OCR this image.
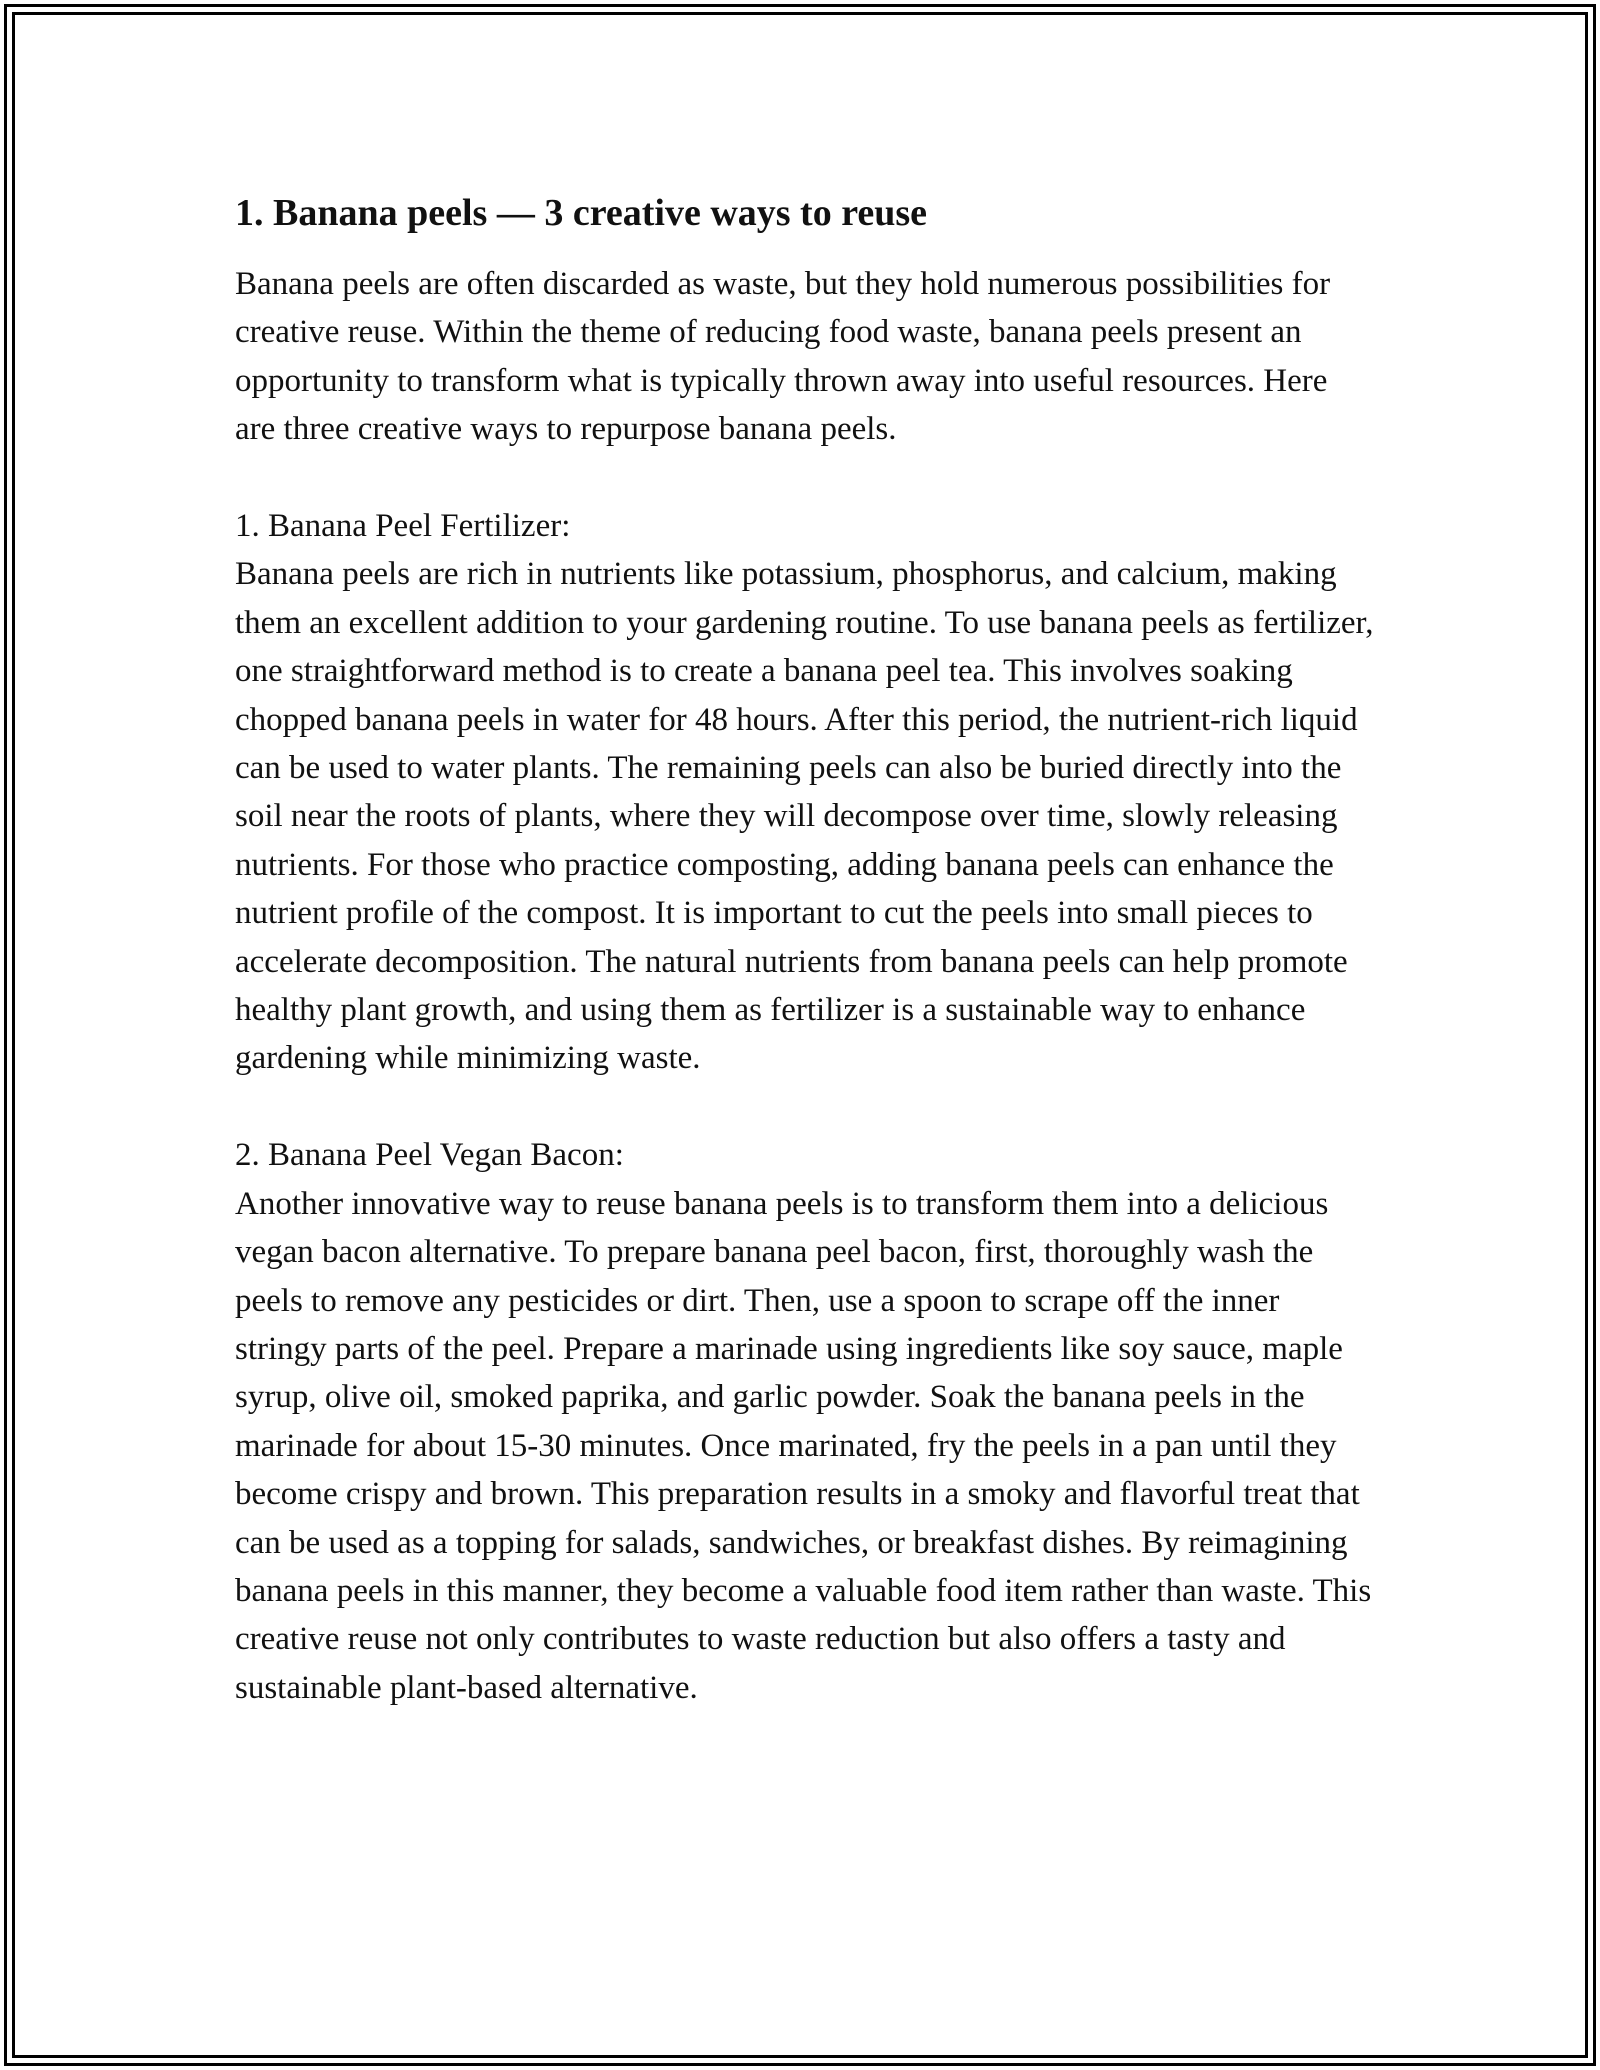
1. Banana peels — 3 creative ways to reuse

Banana peels are often discarded as waste, but they hold numerous possibilities for creative reuse. Within the theme of reducing food waste, banana peels present an opportunity to transform what is typically thrown away into useful resources. Here are three creative ways to repurpose banana peels.

1. Banana Peel Fertilizer:

Banana peels are rich in nutrients like potassium, phosphorus, and calcium, making them an excellent addition to your gardening routine. To use banana peels as fertilizer, one straightforward method is to create a banana peel tea. This involves soaking chopped banana peels in water for 48 hours. After this period, the nutrient-rich liquid can be used to water plants. The remaining peels can also be buried directly into the soil near the roots of plants, where they will decompose over time, slowly releasing nutrients. For those who practice composting, adding banana peels can enhance the nutrient profile of the compost. It is important to cut the peels into small pieces to accelerate decomposition. The natural nutrients from banana peels can help promote healthy plant growth, and using them as fertilizer is a sustainable way to enhance gardening while minimizing waste.

2. Banana Peel Vegan Bacon:

Another innovative way to reuse banana peels is to transform them into a delicious vegan bacon alternative. To prepare banana peel bacon, first, thoroughly wash the peels to remove any pesticides or dirt. Then, use a spoon to scrape off the inner stringy parts of the peel. Prepare a marinade using ingredients like soy sauce, maple syrup, olive oil, smoked paprika, and garlic powder. Soak the banana peels in the marinade for about 15-30 minutes. Once marinated, fry the peels in a pan until they become crispy and brown. This preparation results in a smoky and flavorful treat that can be used as a topping for salads, sandwiches, or breakfast dishes. By reimagining banana peels in this manner, they become a valuable food item rather than waste. This creative reuse not only contributes to waste reduction but also offers a tasty and sustainable plant-based alternative.
